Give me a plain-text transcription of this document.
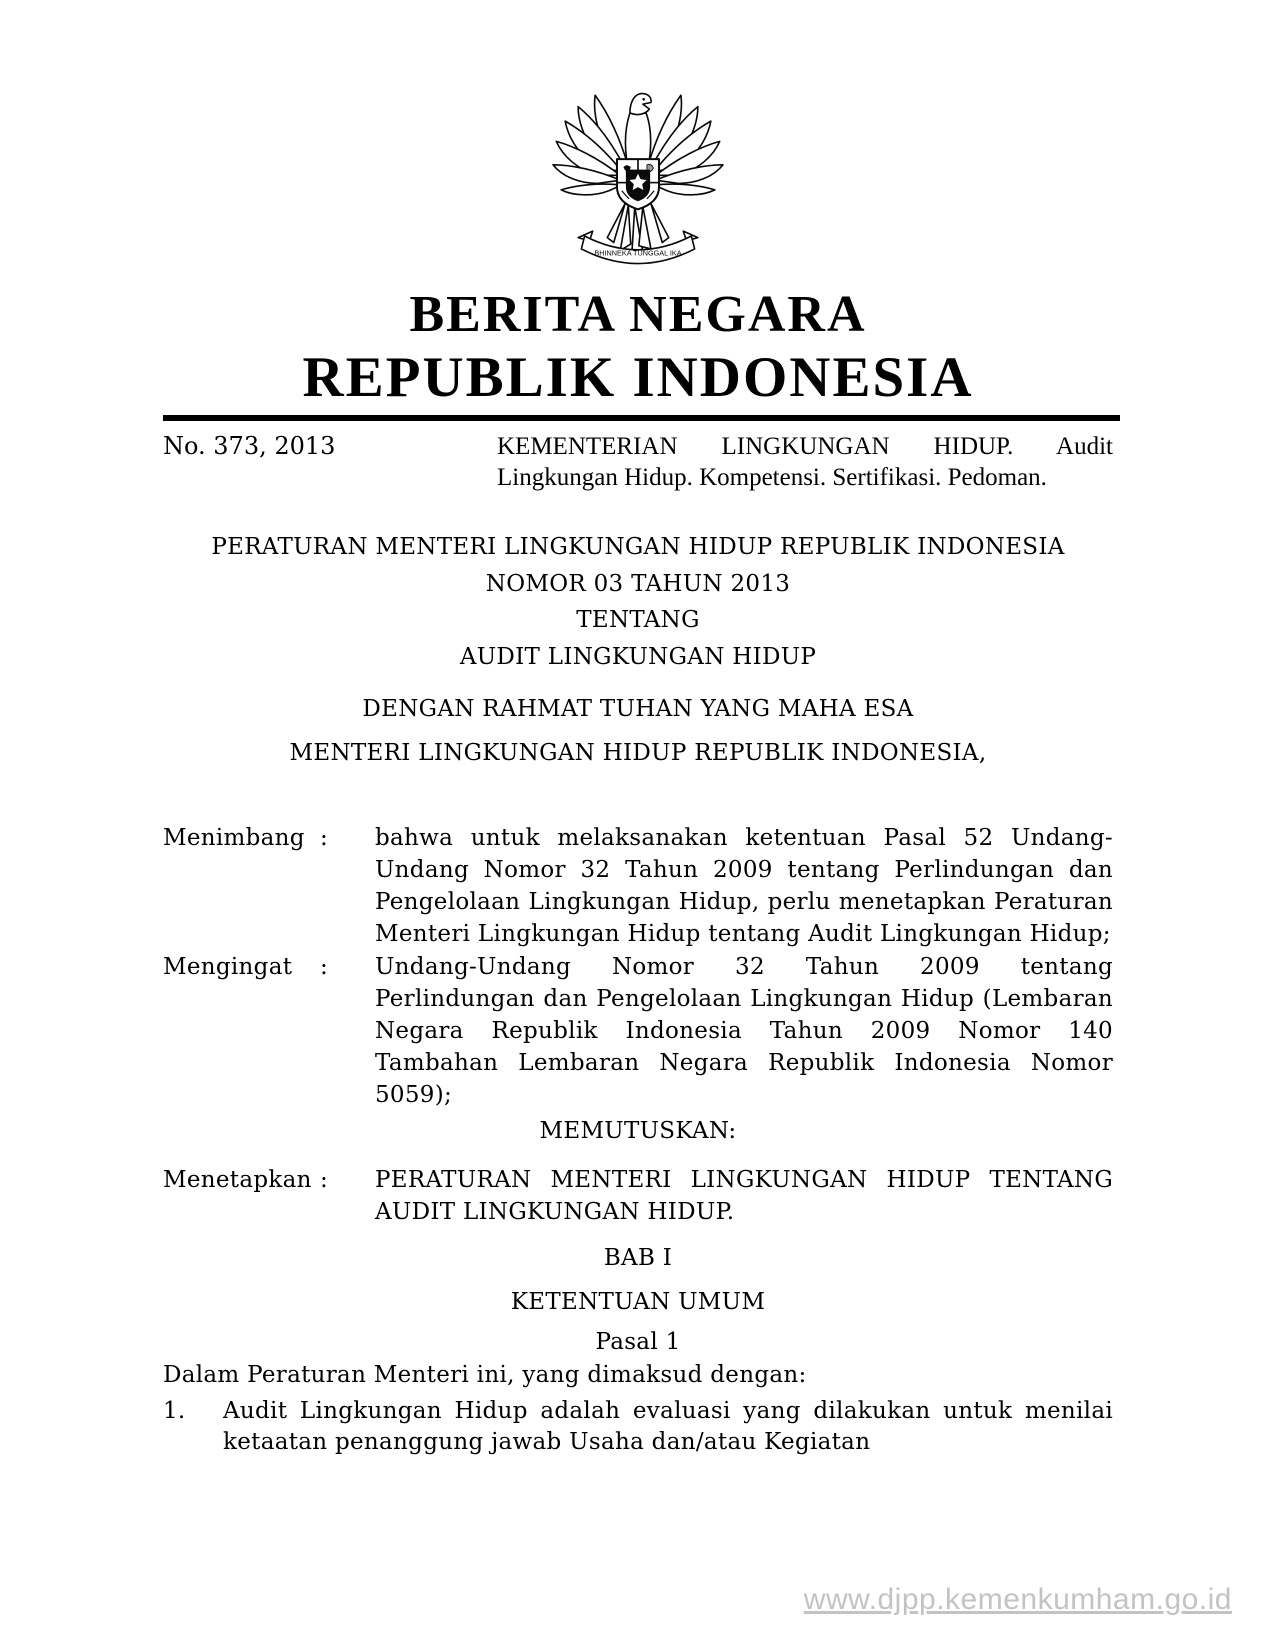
BHINNEKA TUNGGAL IKA
BERITA NEGARA
REPUBLIK INDONESIA
No. 373, 2013	KEMENTERIAN LINGKUNGAN HIDUP. Audit Lingkungan Hidup. Kompetensi. Sertifikasi. Pedoman.
PERATURAN MENTERI LINGKUNGAN HIDUP REPUBLIK INDONESIA
NOMOR 03 TAHUN 2013
TENTANG
AUDIT LINGKUNGAN HIDUP
DENGAN RAHMAT TUHAN YANG MAHA ESA
MENTERI LINGKUNGAN HIDUP REPUBLIK INDONESIA,
Menimbang :	bahwa untuk melaksanakan ketentuan Pasal 52 Undang-Undang Nomor 32 Tahun 2009 tentang Perlindungan dan Pengelolaan Lingkungan Hidup, perlu menetapkan Peraturan Menteri Lingkungan Hidup tentang Audit Lingkungan Hidup;
Mengingat	:	Undang-Undang Nomor 32 Tahun 2009 tentang Perlindungan dan Pengelolaan Lingkungan Hidup (Lembaran Negara Republik Indonesia Tahun 2009 Nomor 140 Tambahan Lembaran Negara Republik Indonesia Nomor 5059);
MEMUTUSKAN:
Menetapkan :	PERATURAN MENTERI LINGKUNGAN HIDUP TENTANG AUDIT LINGKUNGAN HIDUP.
BAB I
KETENTUAN UMUM
Pasal 1
Dalam Peraturan Menteri ini, yang dimaksud dengan:
1.	Audit Lingkungan Hidup adalah evaluasi yang dilakukan untuk menilai ketaatan penanggung jawab Usaha dan/atau Kegiatan
www.djpp.kemenkumham.go.id
